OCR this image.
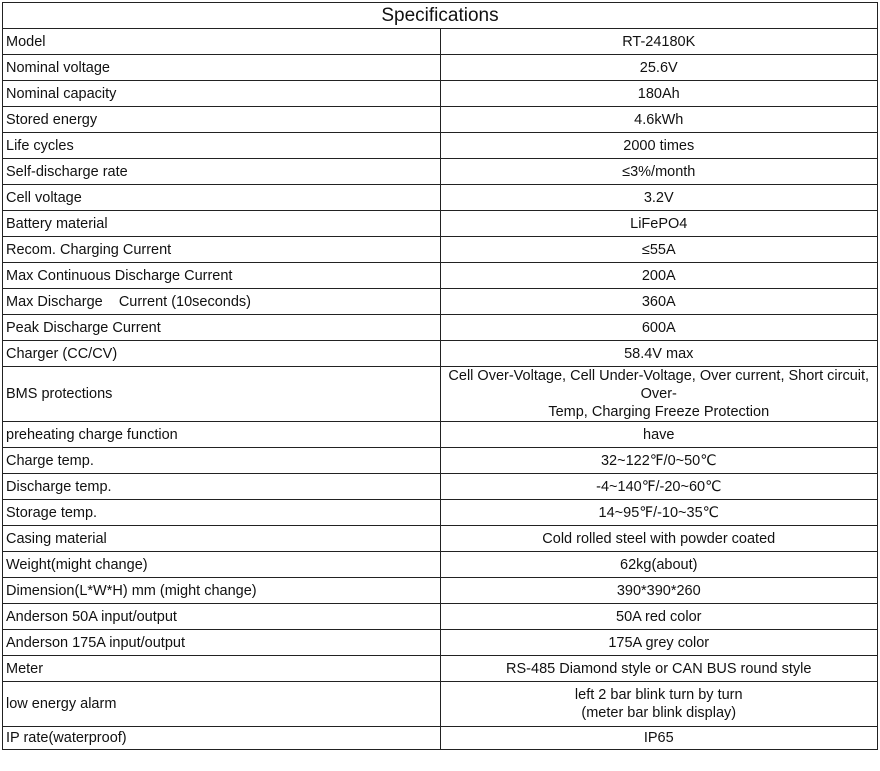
Specifications	
Model	RT-24180K
Nominal voltage	25.6V
Nominal capacity	180Ah
Stored energy	4.6kWh
Life cycles	2000 times
Self-discharge rate	≤3%/month
Cell voltage	3.2V
Battery material	LiFePO4
Recom. Charging Current	≤55A
Max Continuous Discharge Current	200A
Max Discharge    Current (10seconds)	360A
Peak Discharge Current	600A
Charger (CC/CV)	58.4V max
BMS protections	Cell Over-Voltage, Cell Under-Voltage, Over current, Short circuit, Over-
Temp, Charging Freeze Protection

preheating charge function	have
Charge temp.	32~122℉/0~50℃
Discharge temp.	-4~140℉/-20~60℃
Storage temp.	14~95℉/-10~35℃
Casing material	Cold rolled steel with powder coated
Weight(might change)	62kg(about)
Dimension(L*W*H) mm (might change)	390*390*260
Anderson 50A input/output	50A red color
Anderson 175A input/output	175A grey color
Meter	RS-485 Diamond style or CAN BUS round style
low energy alarm	left 2 bar blink turn by turn
(meter bar blink display)

IP rate(waterproof)	IP65
